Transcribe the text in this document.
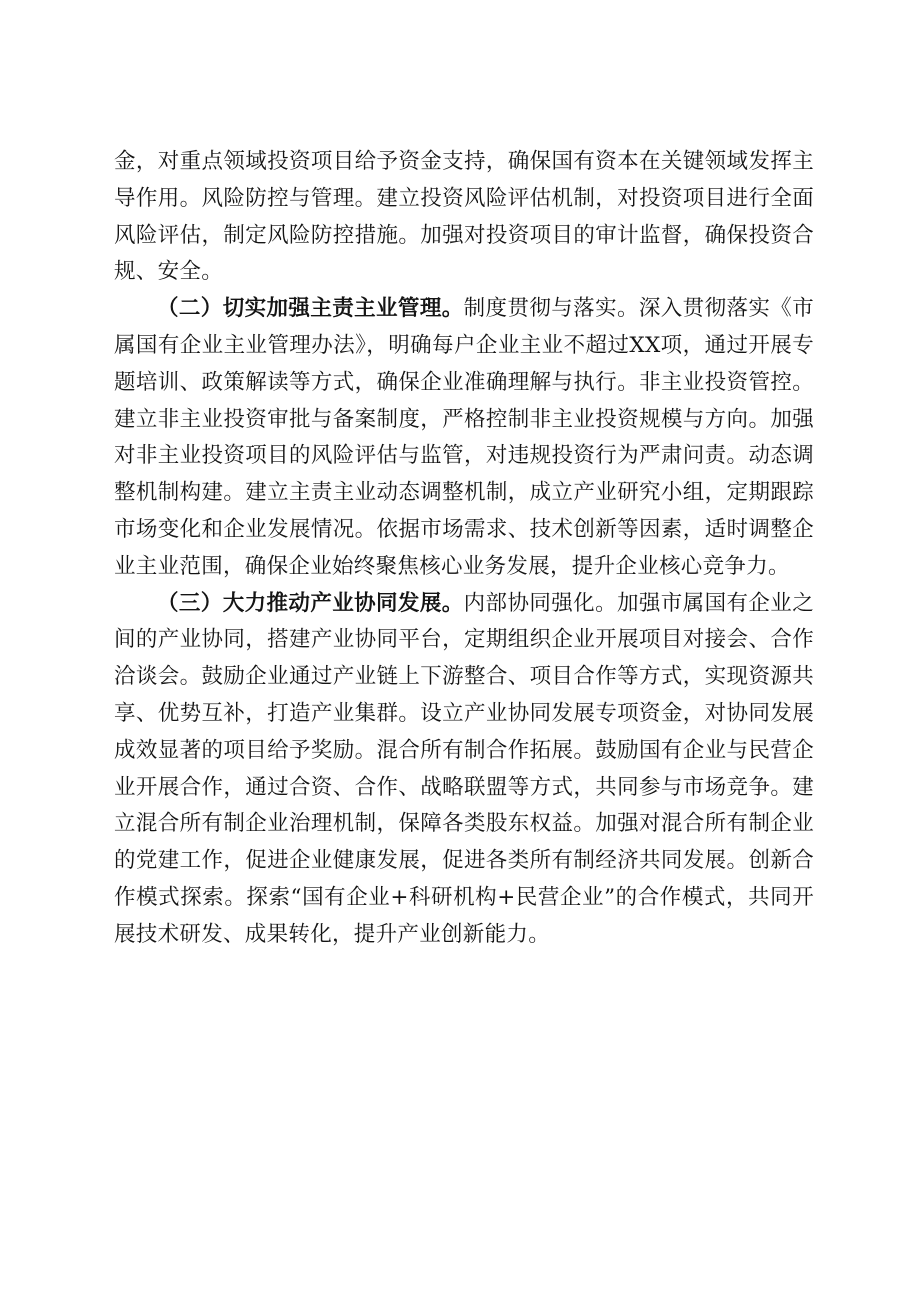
金，对重点领域投资项目给予资金支持，确保国有资本在关键领域发挥主导作用。风险防控与管理。建立投资风险评估机制，对投资项目进行全面风险评估，制定风险防控措施。加强对投资项目的审计监督，确保投资合规、安全。

（二）切实加强主责主业管理。制度贯彻与落实。深入贯彻落实《市属国有企业主业管理办法》，明确每户企业主业不超过XX项，通过开展专题培训、政策解读等方式，确保企业准确理解与执行。非主业投资管控。建立非主业投资审批与备案制度，严格控制非主业投资规模与方向。加强对非主业投资项目的风险评估与监管，对违规投资行为严肃问责。动态调整机制构建。建立主责主业动态调整机制，成立产业研究小组，定期跟踪市场变化和企业发展情况。依据市场需求、技术创新等因素，适时调整企业主业范围，确保企业始终聚焦核心业务发展，提升企业核心竞争力。

（三）大力推动产业协同发展。内部协同强化。加强市属国有企业之间的产业协同，搭建产业协同平台，定期组织企业开展项目对接会、合作洽谈会。鼓励企业通过产业链上下游整合、项目合作等方式，实现资源共享、优势互补，打造产业集群。设立产业协同发展专项资金，对协同发展成效显著的项目给予奖励。混合所有制合作拓展。鼓励国有企业与民营企业开展合作，通过合资、合作、战略联盟等方式，共同参与市场竞争。建立混合所有制企业治理机制，保障各类股东权益。加强对混合所有制企业的党建工作，促进企业健康发展，促进各类所有制经济共同发展。创新合作模式探索。探索“国有企业+科研机构+民营企业”的合作模式，共同开展技术研发、成果转化，提升产业创新能力。
